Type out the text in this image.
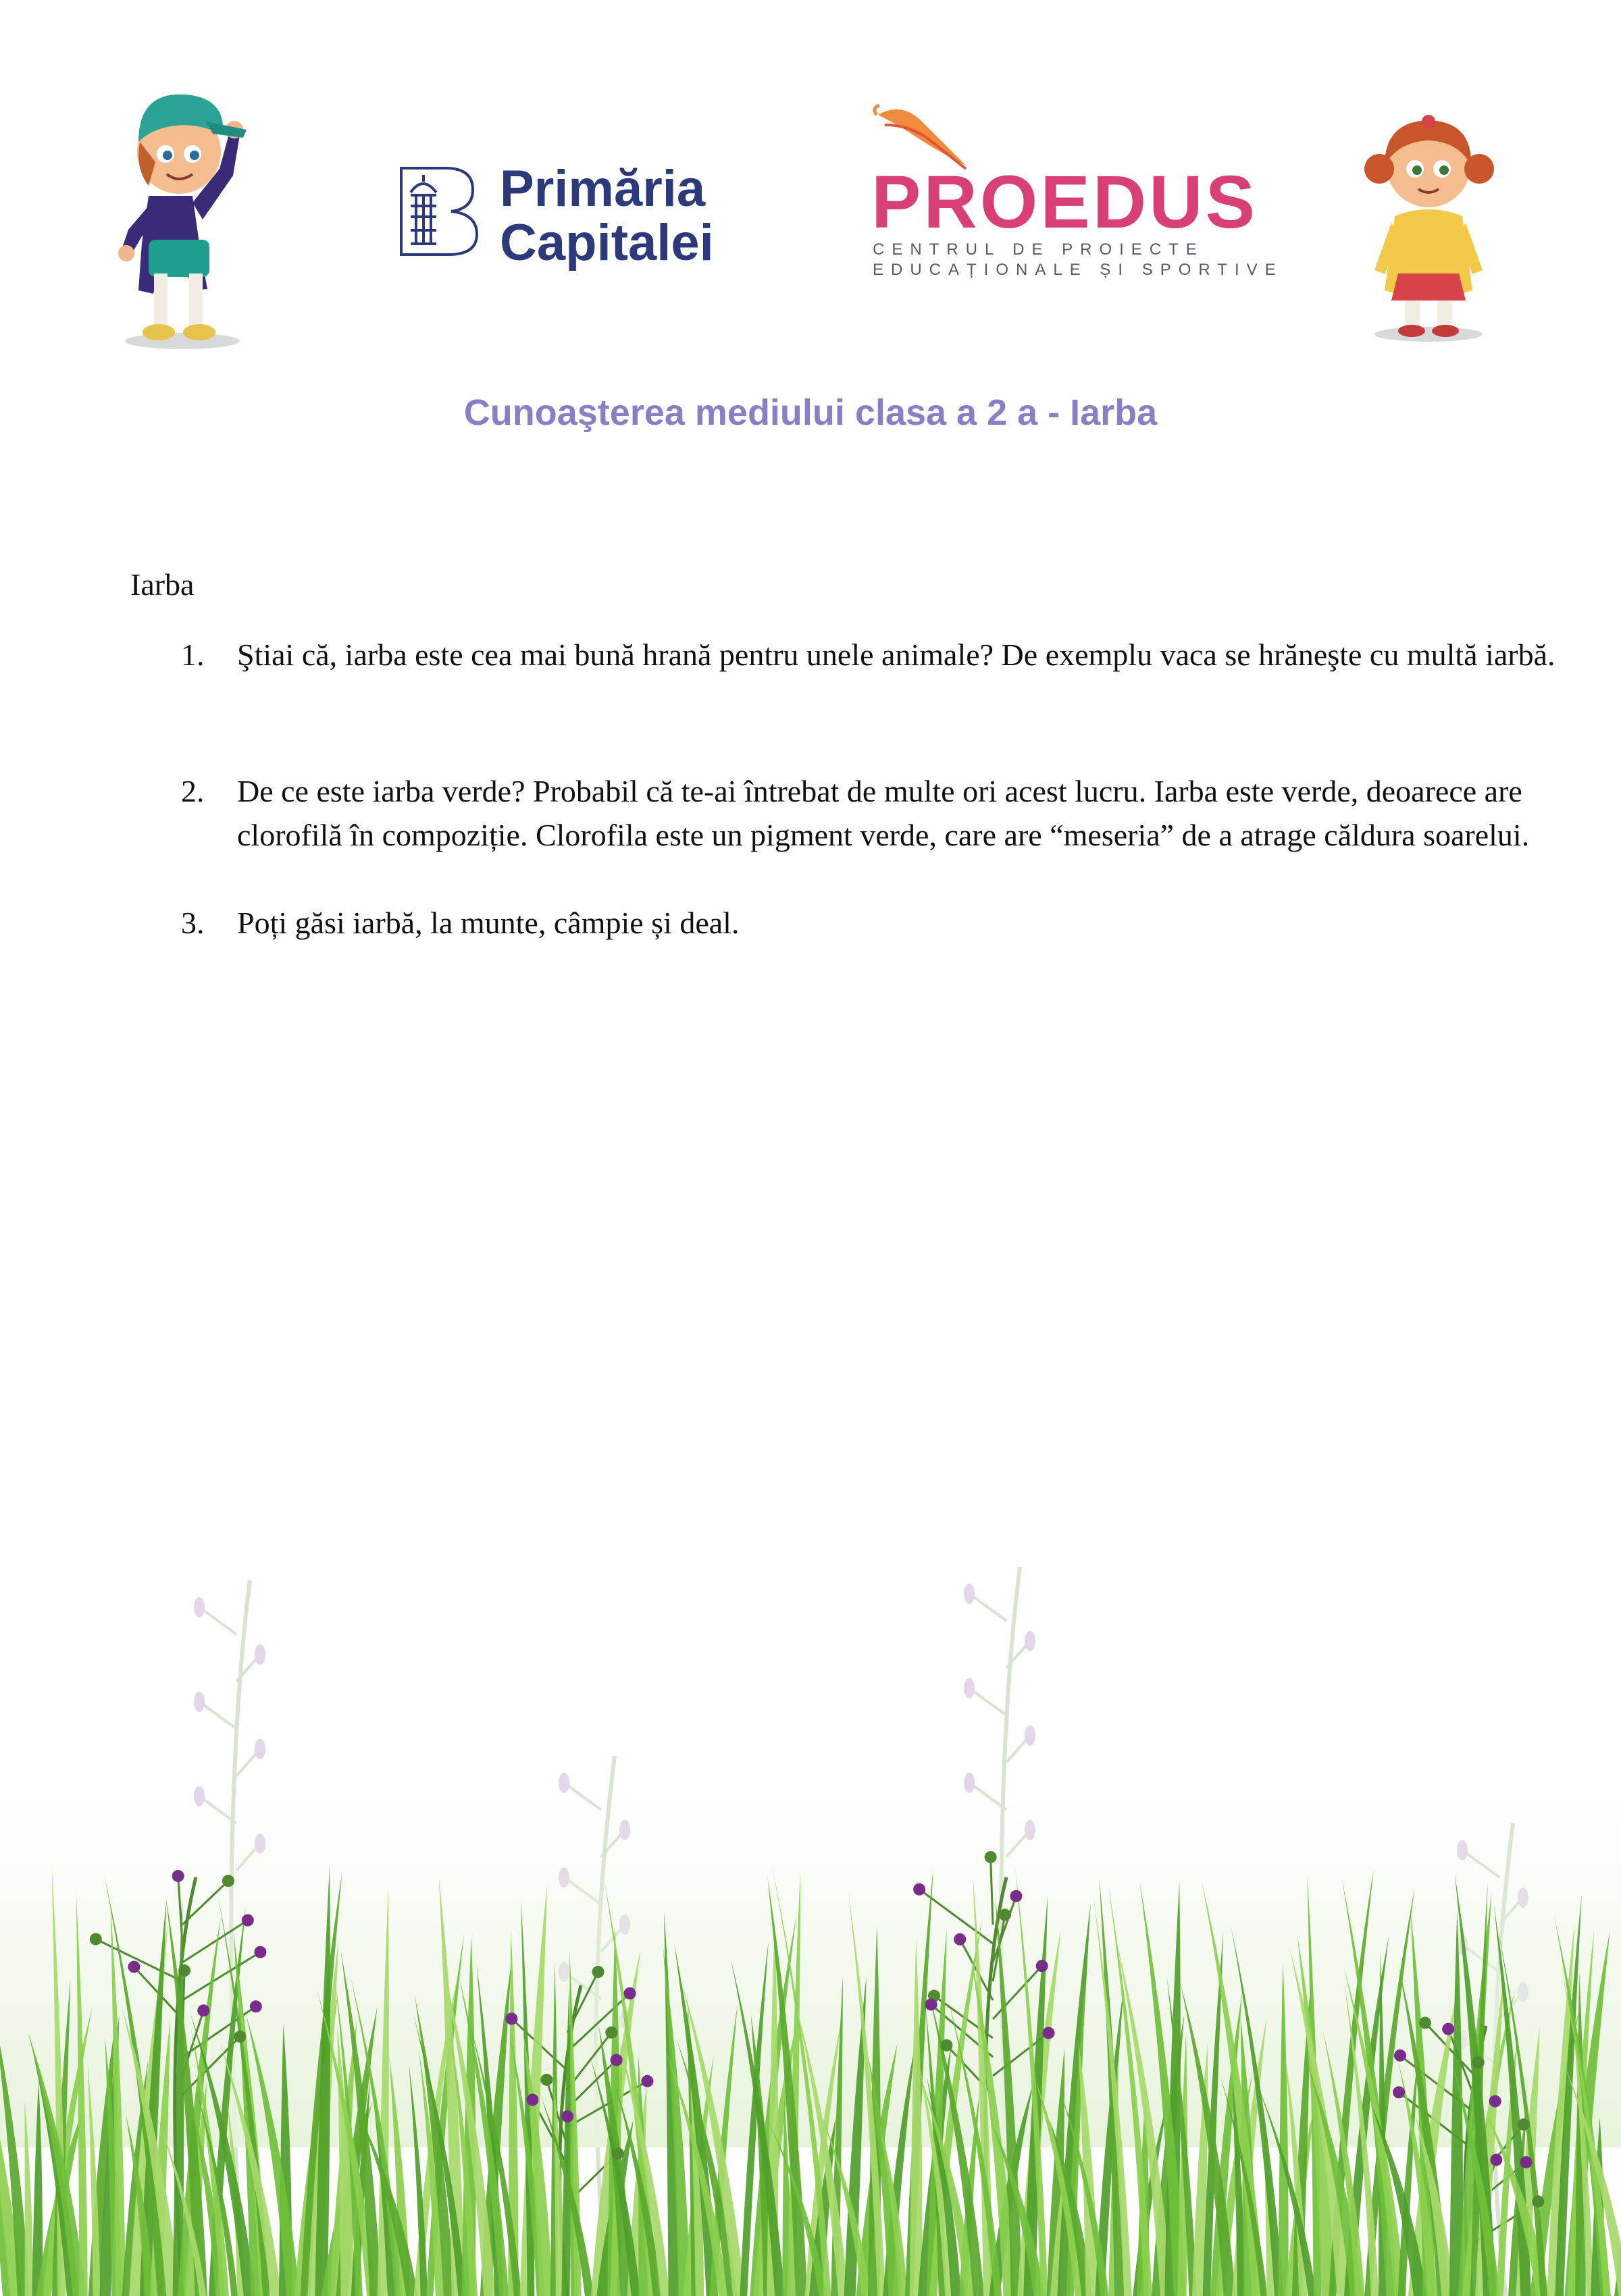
Primăria
Capitalei PROEDUS
CENTRUL DE PROIECTE
EDUCAȚIONALE ȘI SPORTIVE
Cunoaşterea mediului clasa a 2 a - Iarba
Iarba
1. Ştiai că, iarba este cea mai bună hrană pentru unele animale? De exemplu vaca se hrăneşte cu multă iarbă.
2. De ce este iarba verde? Probabil că te-ai întrebat de multe ori acest lucru. Iarba este verde, deoarece are clorofilă în compoziție. Clorofila este un pigment verde, care are “meseria” de a atrage căldura soarelui.
3. Poți găsi iarbă, la munte, câmpie și deal.
